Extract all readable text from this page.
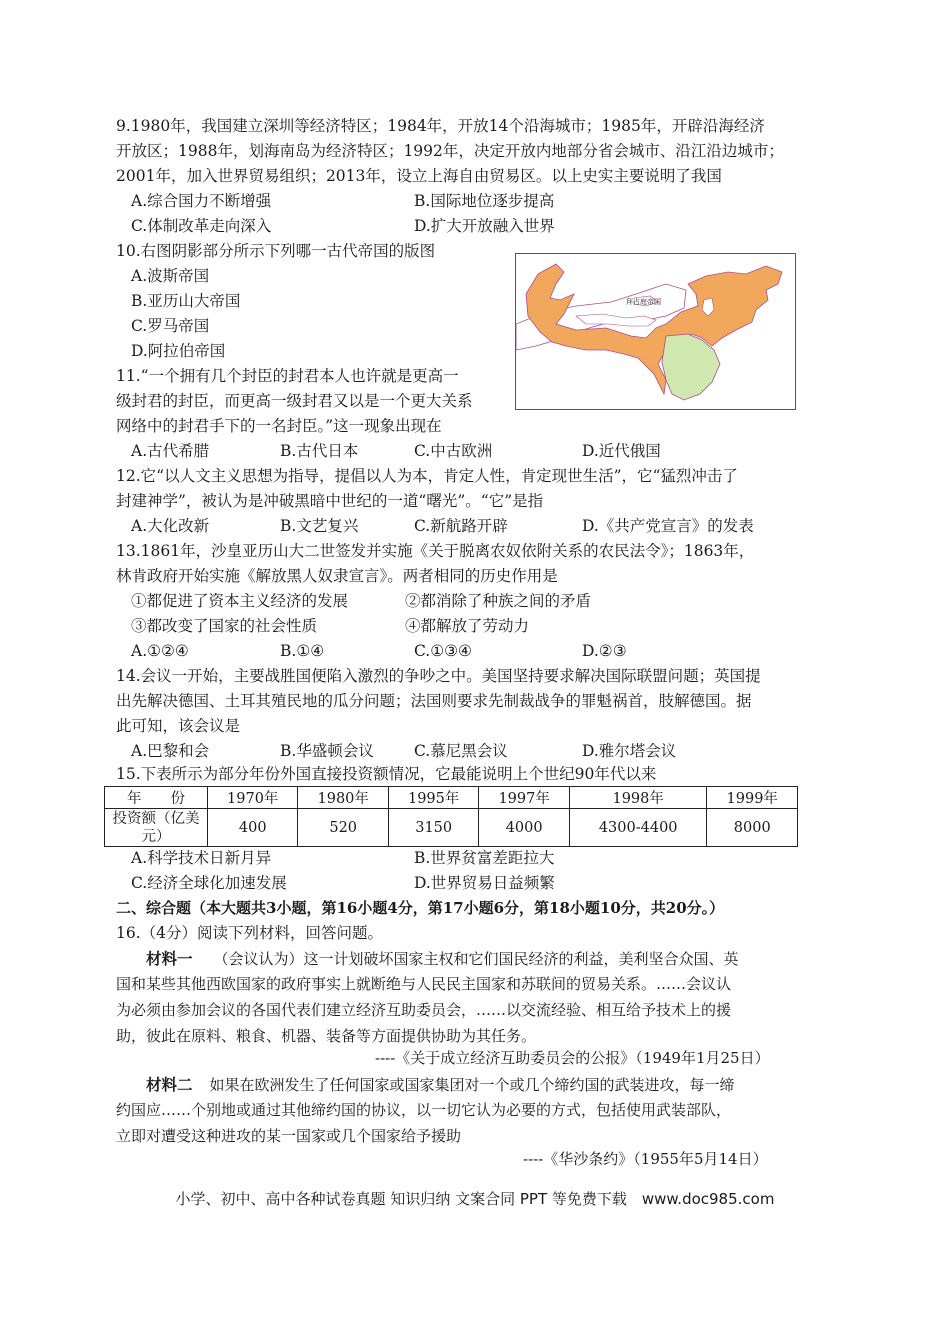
9.1980年，我国建立深圳等经济特区；1984年，开放14个沿海城市；1985年，开辟沿海经济
开放区；1988年，划海南岛为经济特区；1992年，决定开放内地部分省会城市、沿江沿边城市；
2001年，加入世界贸易组织；2013年，设立上海自由贸易区。以上史实主要说明了我国
A.综合国力不断增强	B.国际地位逐步提高
C.体制改革走向深入	D.扩大开放融入世界
10.右图阴影部分所示下列哪一古代帝国的版图
A.波斯帝国
B.亚历山大帝国
C.罗马帝国
D.阿拉伯帝国
拜占庭帝国
11.“一个拥有几个封臣的封君本人也许就是更高一
级封君的封臣，而更高一级封君又以是一个更大关系
网络中的封君手下的一名封臣。”这一现象出现在
A.古代希腊	B.古代日本	C.中古欧洲	D.近代俄国
12.它“以人文主义思想为指导，提倡以人为本，肯定人性，肯定现世生活”，它“猛烈冲击了
封建神学”，被认为是冲破黑暗中世纪的一道“曙光”。“它”是指
A.大化改新	B.文艺复兴	C.新航路开辟	D.《共产党宣言》的发表
13.1861年，沙皇亚历山大二世签发并实施《关于脱离农奴依附关系的农民法令》；1863年，
林肯政府开始实施《解放黑人奴隶宣言》。两者相同的历史作用是
①都促进了资本主义经济的发展	②都消除了种族之间的矛盾
③都改变了国家的社会性质	④都解放了劳动力
A.①②④	B.①④	C.①③④	D.②③
14.会议一开始，主要战胜国便陷入激烈的争吵之中。美国坚持要求解决国际联盟问题；英国提
出先解决德国、土耳其殖民地的瓜分问题；法国则要求先制裁战争的罪魁祸首，肢解德国。据
此可知，该会议是
A.巴黎和会	B.华盛顿会议	C.慕尼黑会议	D.雅尔塔会议
15.下表所示为部分年份外国直接投资额情况，它最能说明上个世纪90年代以来
年　　份	1970年	1980年	1995年	1997年	1998年	1999年
投资额（亿美元）	400	520	3150	4000	4300-4400	8000
A.科学技术日新月异	B.世界贫富差距拉大
C.经济全球化加速发展	D.世界贸易日益频繁
二、综合题（本大题共3小题，第16小题4分，第17小题6分，第18小题10分，共20分。）
16.（4分）阅读下列材料，回答问题。
材料一 （会议认为）这一计划破坏国家主权和它们国民经济的利益，美利坚合众国、英
国和某些其他西欧国家的政府事实上就断绝与人民民主国家和苏联间的贸易关系。……会议认
为必须由参加会议的各国代表们建立经济互助委员会，……以交流经验、相互给予技术上的援
助，彼此在原料、粮食、机器、装备等方面提供协助为其任务。
----《关于成立经济互助委员会的公报》（1949年1月25日）
材料二 如果在欧洲发生了任何国家或国家集团对一个或几个缔约国的武装进攻，每一缔
约国应……个别地或通过其他缔约国的协议，以一切它认为必要的方式，包括使用武装部队，
立即对遭受这种进攻的某一国家或几个国家给予援助
----《华沙条约》（1955年5月14日）
小学、初中、高中各种试卷真题 知识归纳 文案合同 PPT 等免费下载　www.doc985.com
